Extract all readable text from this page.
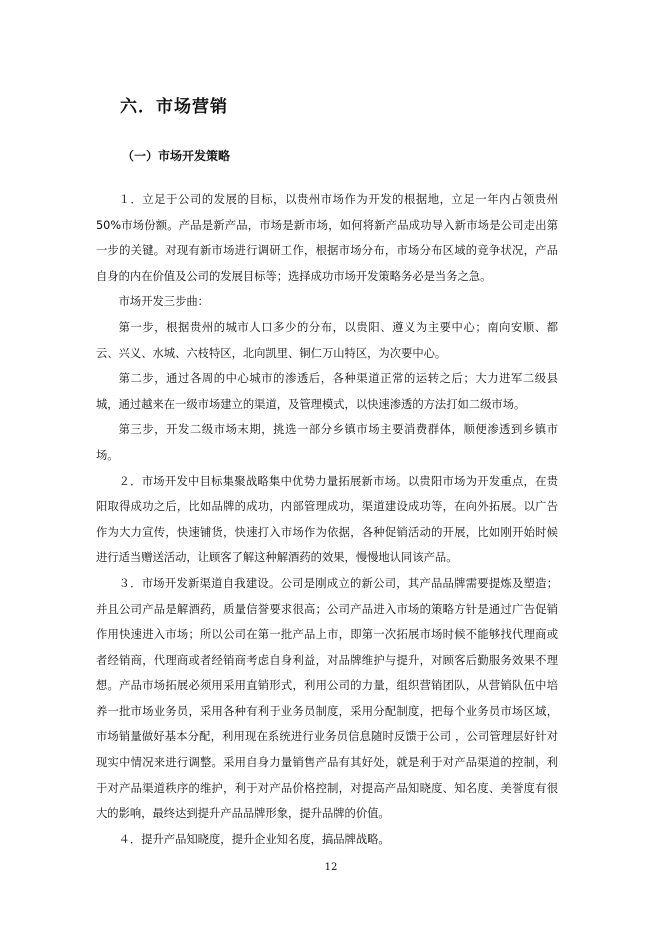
六．市场营销
（一）市场开发策略

１．立足于公司的发展的目标，以贵州市场作为开发的根据地，立足一年内占领贵州50%市场份额。产品是新产品，市场是新市场，如何将新产品成功导入新市场是公司走出第一步的关键。对现有新市场进行调研工作，根据市场分布，市场分布区域的竞争状况，产品自身的内在价值及公司的发展目标等；选择成功市场开发策略务必是当务之急。

市场开发三步曲：

第一步，根据贵州的城市人口多少的分布，以贵阳、遵义为主要中心；南向安顺、都云、兴义、水城、六枝特区，北向凯里、铜仁万山特区，为次要中心。

第二步，通过各周的中心城市的渗透后，各种渠道正常的运转之后；大力进军二级县城，通过越来在一级市场建立的渠道，及管理模式，以快速渗透的方法打如二级市场。

第三步，开发二级市场末期，挑选一部分乡镇市场主要消费群体，顺便渗透到乡镇市场。

２．市场开发中目标集聚战略集中优势力量拓展新市场。以贵阳市场为开发重点，在贵阳取得成功之后，比如品牌的成功，内部管理成功，渠道建设成功等，在向外拓展。以广告作为大力宣传，快速铺货，快速打入市场作为依据，各种促销活动的开展，比如刚开始时候进行适当赠送活动，让顾客了解这种解酒药的效果，慢慢地认同该产品。

３．市场开发新渠道自我建设。公司是刚成立的新公司，其产品品牌需要提炼及塑造；并且公司产品是解酒药，质量信誉要求很高；公司产品进入市场的策略方针是通过广告促销作用快速进入市场；所以公司在第一批产品上市，即第一次拓展市场时候不能够找代理商或者经销商，代理商或者经销商考虑自身利益，对品牌维护与提升，对顾客后勤服务效果不理想。产品市场拓展必须用采用直销形式，利用公司的力量，组织营销团队，从营销队伍中培养一批市场业务员，采用各种有利于业务员制度，采用分配制度，把每个业务员市场区域，市场销量做好基本分配，利用现在系统进行业务员信息随时反馈于公司 ，公司管理层好针对现实中情况来进行调整。采用自身力量销售产品有其好处，就是利于对产品渠道的控制，利于对产品渠道秩序的维护，利于对产品价格控制，对提高产品知晓度、知名度、美誉度有很大的影响，最终达到提升产品品牌形象，提升品牌的价值。

４．提升产品知晓度，提升企业知名度，搞品牌战略。

12
